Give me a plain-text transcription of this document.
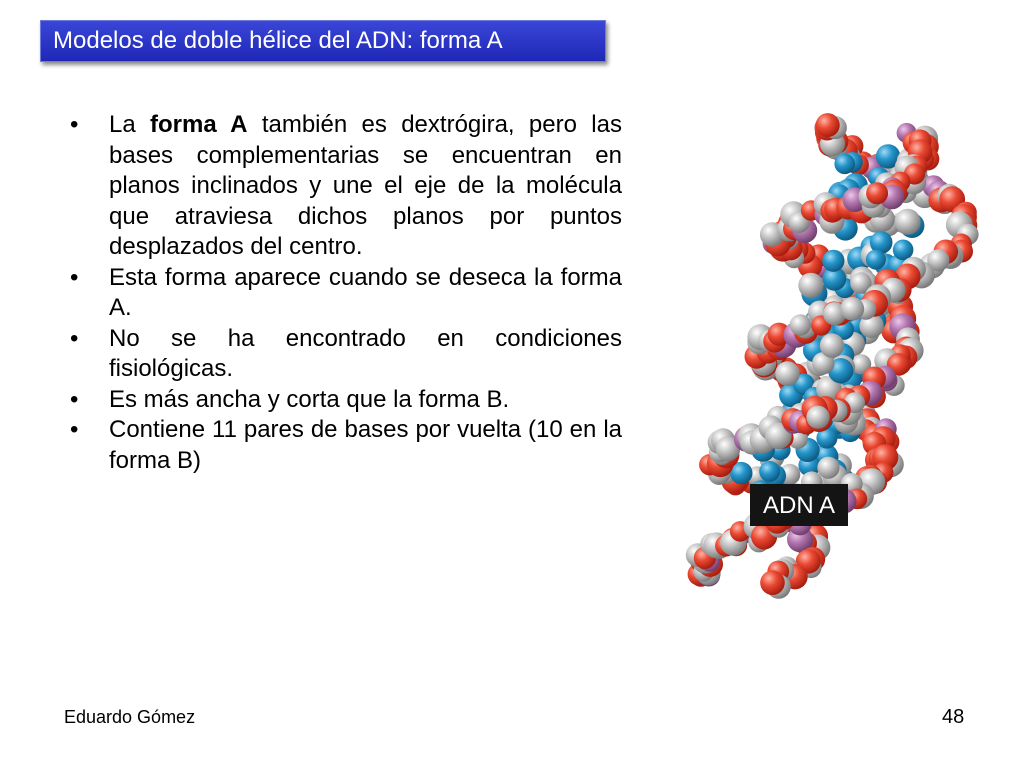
Modelos de doble hélice del ADN: forma A
• La forma A también es dextrógira, pero las bases complementarias se encuentran en planos inclinados y une el eje de la molécula que atraviesa dichos planos por puntos desplazados del centro.
• Esta forma aparece cuando se deseca la forma A.
• No se ha encontrado en condiciones fisiológicas.
• Es más ancha y corta que la forma B.
• Contiene 11 pares de bases por vuelta (10 en la forma B)
ADN A
Eduardo Gómez	48
